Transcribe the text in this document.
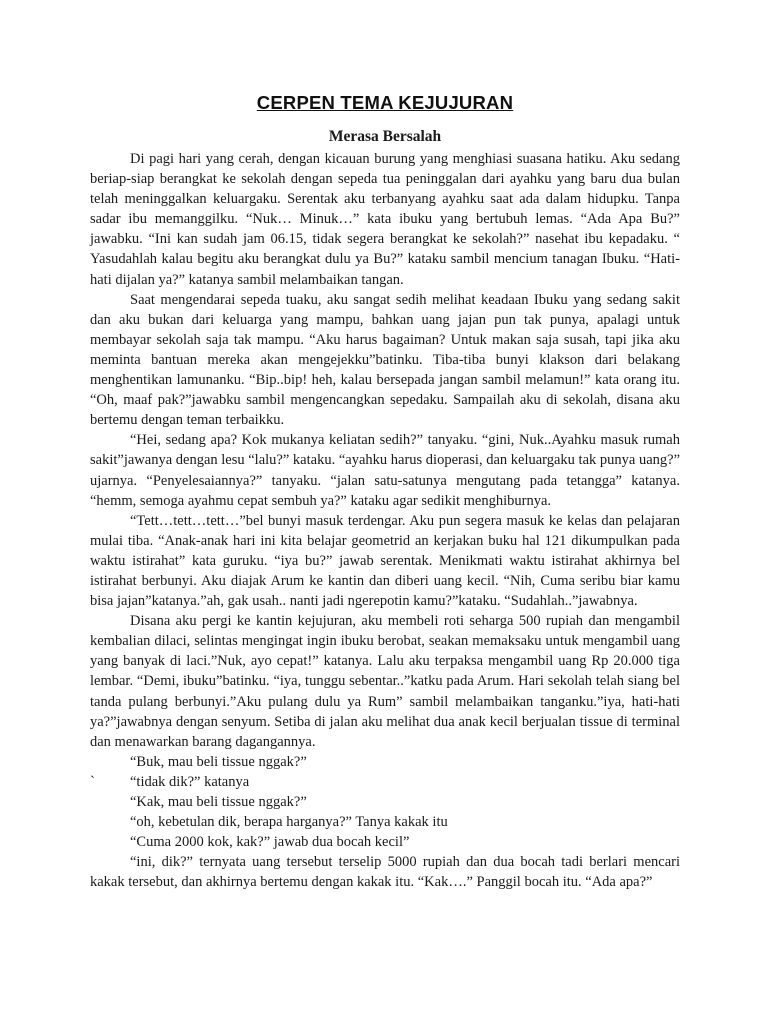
CERPEN TEMA KEJUJURAN
Merasa Bersalah

Di pagi hari yang cerah, dengan kicauan burung yang menghiasi suasana hatiku. Aku sedang beriap-siap berangkat ke sekolah dengan sepeda tua peninggalan dari ayahku yang baru dua bulan telah meninggalkan keluargaku. Serentak aku terbanyang ayahku saat ada dalam hidupku. Tanpa sadar ibu memanggilku. “Nuk… Minuk…” kata ibuku yang bertubuh lemas. “Ada Apa Bu?” jawabku. “Ini kan sudah jam 06.15, tidak segera berangkat ke sekolah?” nasehat ibu kepadaku. “ Yasudahlah kalau begitu aku berangkat dulu ya Bu?” kataku sambil mencium tanagan Ibuku. “Hati-hati dijalan ya?” katanya sambil melambaikan tangan.

Saat mengendarai sepeda tuaku, aku sangat sedih melihat keadaan Ibuku yang sedang sakit dan aku bukan dari keluarga yang mampu, bahkan uang jajan pun tak punya, apalagi untuk membayar sekolah saja tak mampu. “Aku harus bagaiman? Untuk makan saja susah, tapi jika aku meminta bantuan mereka akan mengejekku”batinku. Tiba-tiba bunyi klakson dari belakang menghentikan lamunanku. “Bip..bip! heh, kalau bersepada jangan sambil melamun!” kata orang itu. “Oh, maaf pak?”jawabku sambil mengencangkan sepedaku. Sampailah aku di sekolah, disana aku bertemu dengan teman terbaikku.

“Hei, sedang apa? Kok mukanya keliatan sedih?” tanyaku. “gini, Nuk..Ayahku masuk rumah sakit”jawanya dengan lesu “lalu?” kataku. “ayahku harus dioperasi, dan keluargaku tak punya uang?” ujarnya. “Penyelesaiannya?” tanyaku. “jalan satu-satunya mengutang pada tetangga” katanya. “hemm, semoga ayahmu cepat sembuh ya?” kataku agar sedikit menghiburnya.

“Tett…tett…tett…”bel bunyi masuk terdengar. Aku pun segera masuk ke kelas dan pelajaran mulai tiba. “Anak-anak hari ini kita belajar geometrid an kerjakan buku hal 121 dikumpulkan pada waktu istirahat” kata guruku. “iya bu?” jawab serentak. Menikmati waktu istirahat akhirnya bel istirahat berbunyi. Aku diajak Arum ke kantin dan diberi uang kecil. “Nih, Cuma seribu biar kamu bisa jajan”katanya.”ah, gak usah.. nanti jadi ngerepotin kamu?”kataku. “Sudahlah..”jawabnya.

Disana aku pergi ke kantin kejujuran, aku membeli roti seharga 500 rupiah dan mengambil kembalian dilaci, selintas mengingat ingin ibuku berobat, seakan memaksaku untuk mengambil uang yang banyak di laci.”Nuk, ayo cepat!” katanya. Lalu aku terpaksa mengambil uang Rp 20.000 tiga lembar. “Demi, ibuku”batinku. “iya, tunggu sebentar..”katku pada Arum. Hari sekolah telah siang bel tanda pulang berbunyi.”Aku pulang dulu ya Rum” sambil melambaikan tanganku.”iya, hati-hati ya?”jawabnya dengan senyum. Setiba di jalan aku melihat dua anak kecil berjualan tissue di terminal dan menawarkan barang dagangannya.

“Buk, mau beli tissue nggak?”
` “tidak dik?” katanya
“Kak, mau beli tissue nggak?”
“oh, kebetulan dik, berapa harganya?” Tanya kakak itu
“Cuma 2000 kok, kak?” jawab dua bocah kecil”

“ini, dik?” ternyata uang tersebut terselip 5000 rupiah dan dua bocah tadi berlari mencari kakak tersebut, dan akhirnya bertemu dengan kakak itu. “Kak….” Panggil bocah itu. “Ada apa?”
